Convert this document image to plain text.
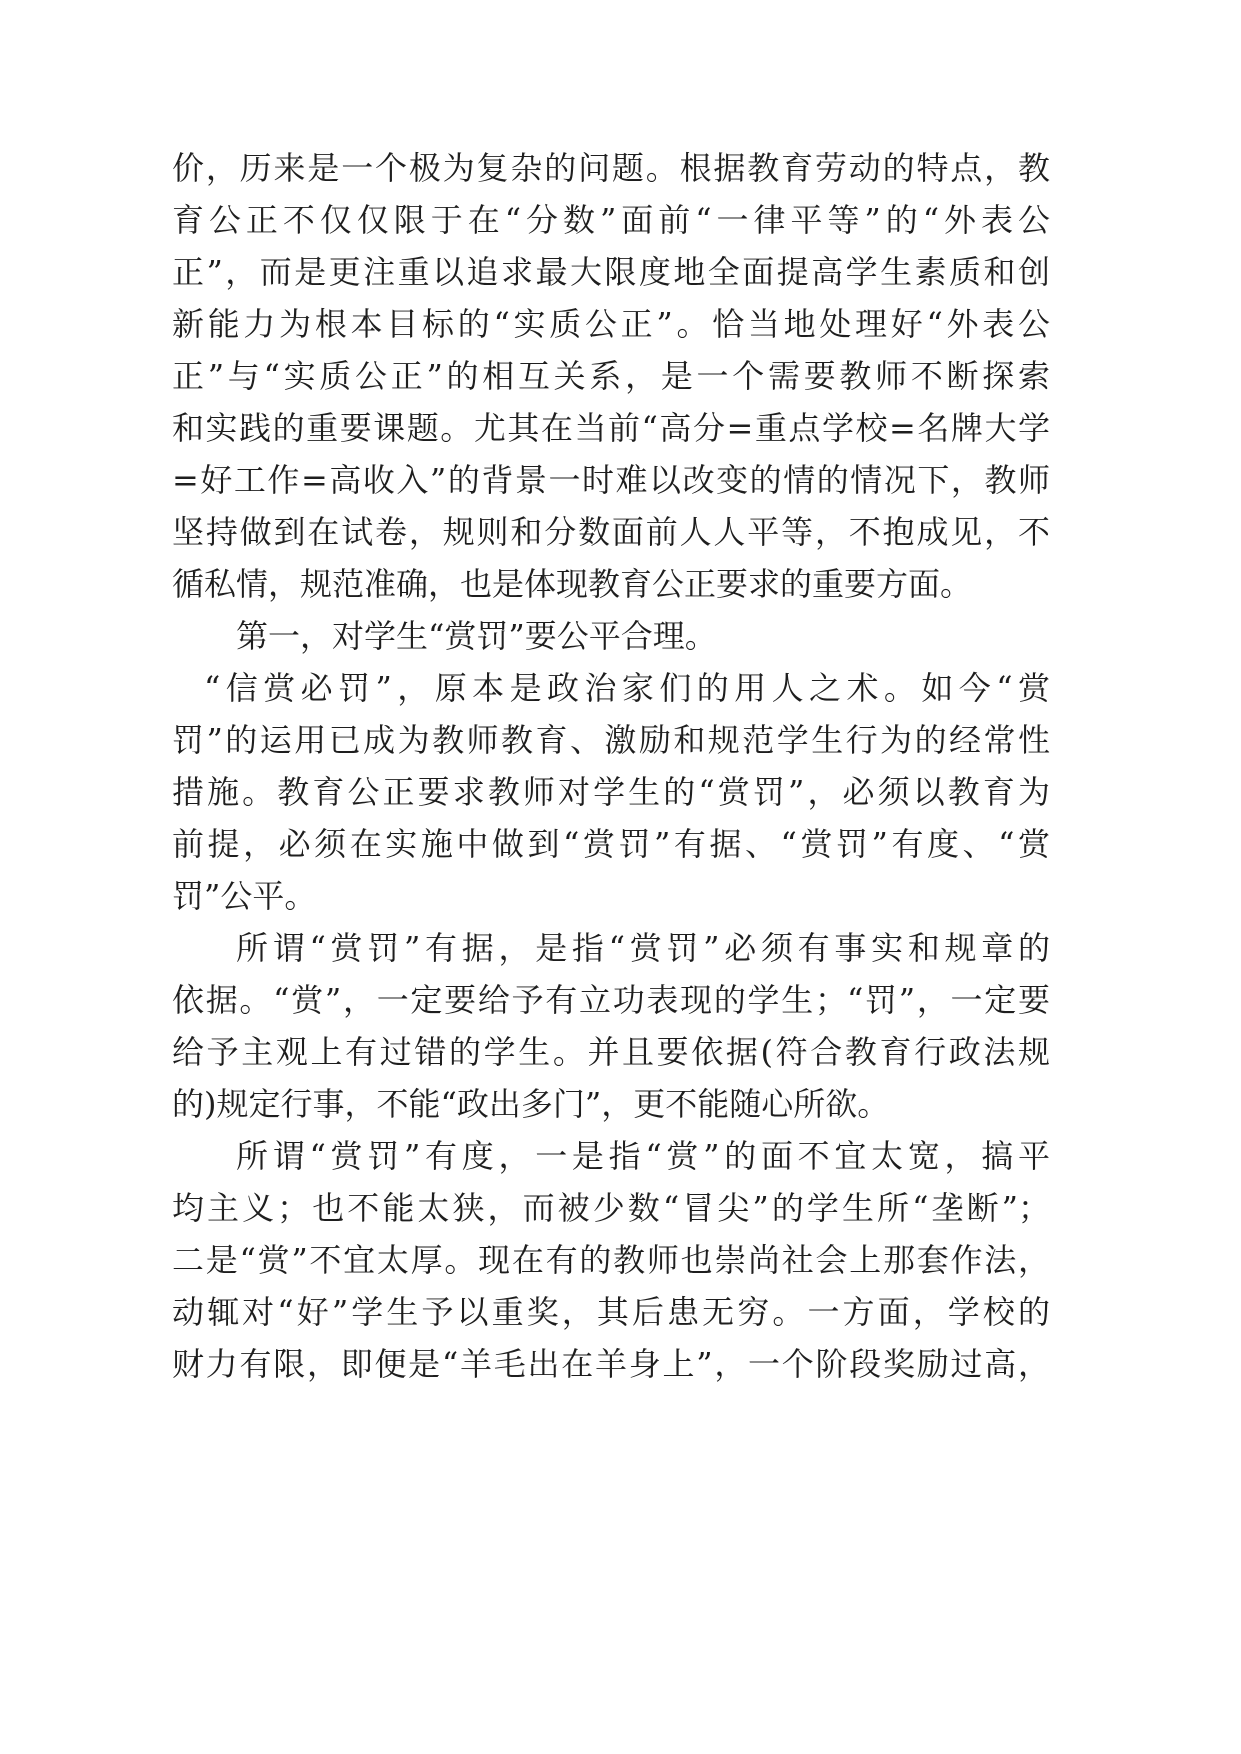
价，历来是一个极为复杂的问题。根据教育劳动的特点，教
育公正不仅仅限于在“分数”面前“一律平等”的“外表公
正”，而是更注重以追求最大限度地全面提高学生素质和创
新能力为根本目标的“实质公正”。恰当地处理好“外表公
正”与“实质公正”的相互关系，是一个需要教师不断探索
和实践的重要课题。尤其在当前“高分=重点学校=名牌大学
=好工作=高收入”的背景一时难以改变的情的情况下，教师
坚持做到在试卷，规则和分数面前人人平等，不抱成见，不
循私情，规范准确，也是体现教育公正要求的重要方面。
第一，对学生“赏罚”要公平合理。
“信赏必罚”，原本是政治家们的用人之术。如今“赏
罚”的运用已成为教师教育、激励和规范学生行为的经常性
措施。教育公正要求教师对学生的“赏罚”，必须以教育为
前提，必须在实施中做到“赏罚”有据、“赏罚”有度、“赏
罚”公平。
所谓“赏罚”有据，是指“赏罚”必须有事实和规章的
依据。“赏”，一定要给予有立功表现的学生；“罚”，一定要
给予主观上有过错的学生。并且要依据(符合教育行政法规
的)规定行事，不能“政出多门”，更不能随心所欲。
所谓“赏罚”有度，一是指“赏”的面不宜太宽，搞平
均主义；也不能太狭，而被少数“冒尖”的学生所“垄断”；
二是“赏”不宜太厚。现在有的教师也崇尚社会上那套作法，
动辄对“好”学生予以重奖，其后患无穷。一方面，学校的
财力有限，即便是“羊毛出在羊身上”，一个阶段奖励过高，
